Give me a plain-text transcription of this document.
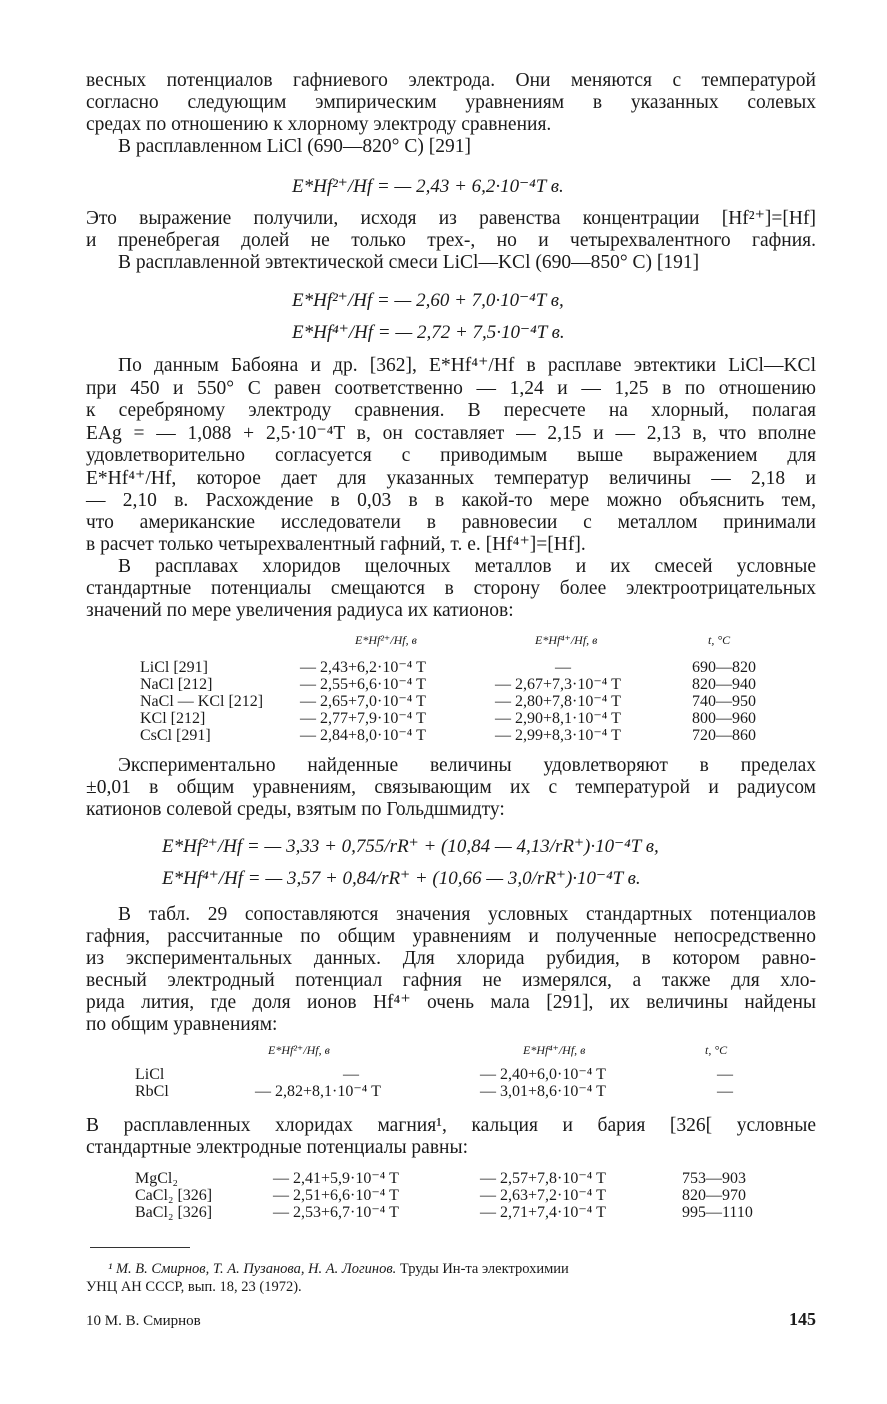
весных потенциалов гафниевого электрода. Они меняются с температурой
согласно следующим эмпирическим уравнениям в указанных солевых
средах по отношению к хлорному электроду сравнения.
В расплавленном LiCl (690—820° C) [291]
E*Hf²⁺/Hf = — 2,43 + 6,2·10⁻⁴T в.
Это выражение получили, исходя из равенства концентрации [Hf²⁺]=[Hf]
и пренебрегая долей не только трех-, но и четырехвалентного гафния.
В расплавленной эвтектической смеси LiCl—KCl (690—850° C) [191]
E*Hf²⁺/Hf = — 2,60 + 7,0·10⁻⁴T в,
E*Hf⁴⁺/Hf = — 2,72 + 7,5·10⁻⁴T в.
По данным Бабояна и др. [362], E*Hf⁴⁺/Hf в расплаве эвтектики LiCl—KCl
при 450 и 550° С равен соответственно — 1,24 и — 1,25 в по отношению
к серебряному электроду сравнения. В пересчете на хлорный, полагая
EAg = — 1,088 + 2,5·10⁻⁴T в, он составляет — 2,15 и — 2,13 в, что вполне
удовлетворительно согласуется с приводимым выше выражением для
E*Hf⁴⁺/Hf, которое дает для указанных температур величины — 2,18 и
— 2,10 в. Расхождение в 0,03 в в какой-то мере можно объяснить тем,
что американские исследователи в равновесии с металлом принимали
в расчет только четырехвалентный гафний, т. е. [Hf⁴⁺]=[Hf].
В расплавах хлоридов щелочных металлов и их смесей условные
стандартные потенциалы смещаются в сторону более электроотрицательных
значений по мере увеличения радиуса их катионов:
E*Hf²⁺/Hf, в	E*Hf⁴⁺/Hf, в	t, °C
LiCl [291]	— 2,43+6,2·10⁻⁴ T	—	690—820
NaCl [212]	— 2,55+6,6·10⁻⁴ T	— 2,67+7,3·10⁻⁴ T	820—940
NaCl — KCl [212] — 2,65+7,0·10⁻⁴ T	— 2,80+7,8·10⁻⁴ T	740—950
KCl [212]	— 2,77+7,9·10⁻⁴ T	— 2,90+8,1·10⁻⁴ T	800—960
CsCl [291]	— 2,84+8,0·10⁻⁴ T	— 2,99+8,3·10⁻⁴ T	720—860
Экспериментально найденные величины удовлетворяют в пределах
±0,01 в общим уравнениям, связывающим их с температурой и радиусом
катионов солевой среды, взятым по Гольдшмидту:
E*Hf²⁺/Hf = — 3,33 + 0,755/rR⁺ + (10,84 — 4,13/rR⁺)·10⁻⁴T в,
E*Hf⁴⁺/Hf = — 3,57 + 0,84/rR⁺ + (10,66 — 3,0/rR⁺)·10⁻⁴T в.
В табл. 29 сопоставляются значения условных стандартных потенциалов
гафния, рассчитанные по общим уравнениям и полученные непосредственно
из экспериментальных данных. Для хлорида рубидия, в котором равно-
весный электродный потенциал гафния не измерялся, а также для хло-
рида лития, где доля ионов Hf⁴⁺ очень мала [291], их величины найдены
по общим уравнениям:
E*Hf²⁺/Hf, в	E*Hf⁴⁺/Hf, в	t, °C
LiCl	—	— 2,40+6,0·10⁻⁴ T	—
RbCl	— 2,82+8,1·10⁻⁴ T	— 3,01+8,6·10⁻⁴ T	—
В расплавленных хлоридах магния¹, кальция и бария [326[ условные
стандартные электродные потенциалы равны:
MgCl₂	— 2,41+5,9·10⁻⁴ T	— 2,57+7,8·10⁻⁴ T	753—903
CaCl₂ [326]	— 2,51+6,6·10⁻⁴ T	— 2,63+7,2·10⁻⁴ T	820—970
BaCl₂ [326]	— 2,53+6,7·10⁻⁴ T	— 2,71+7,4·10⁻⁴ T	995—1110
¹ М. В. Смирнов, Т. А. Пузанова, Н. А. Логинов. Труды Ин-та электрохимии
УНЦ АН СССР, вып. 18, 23 (1972).
10 М. В. Смирнов	145
